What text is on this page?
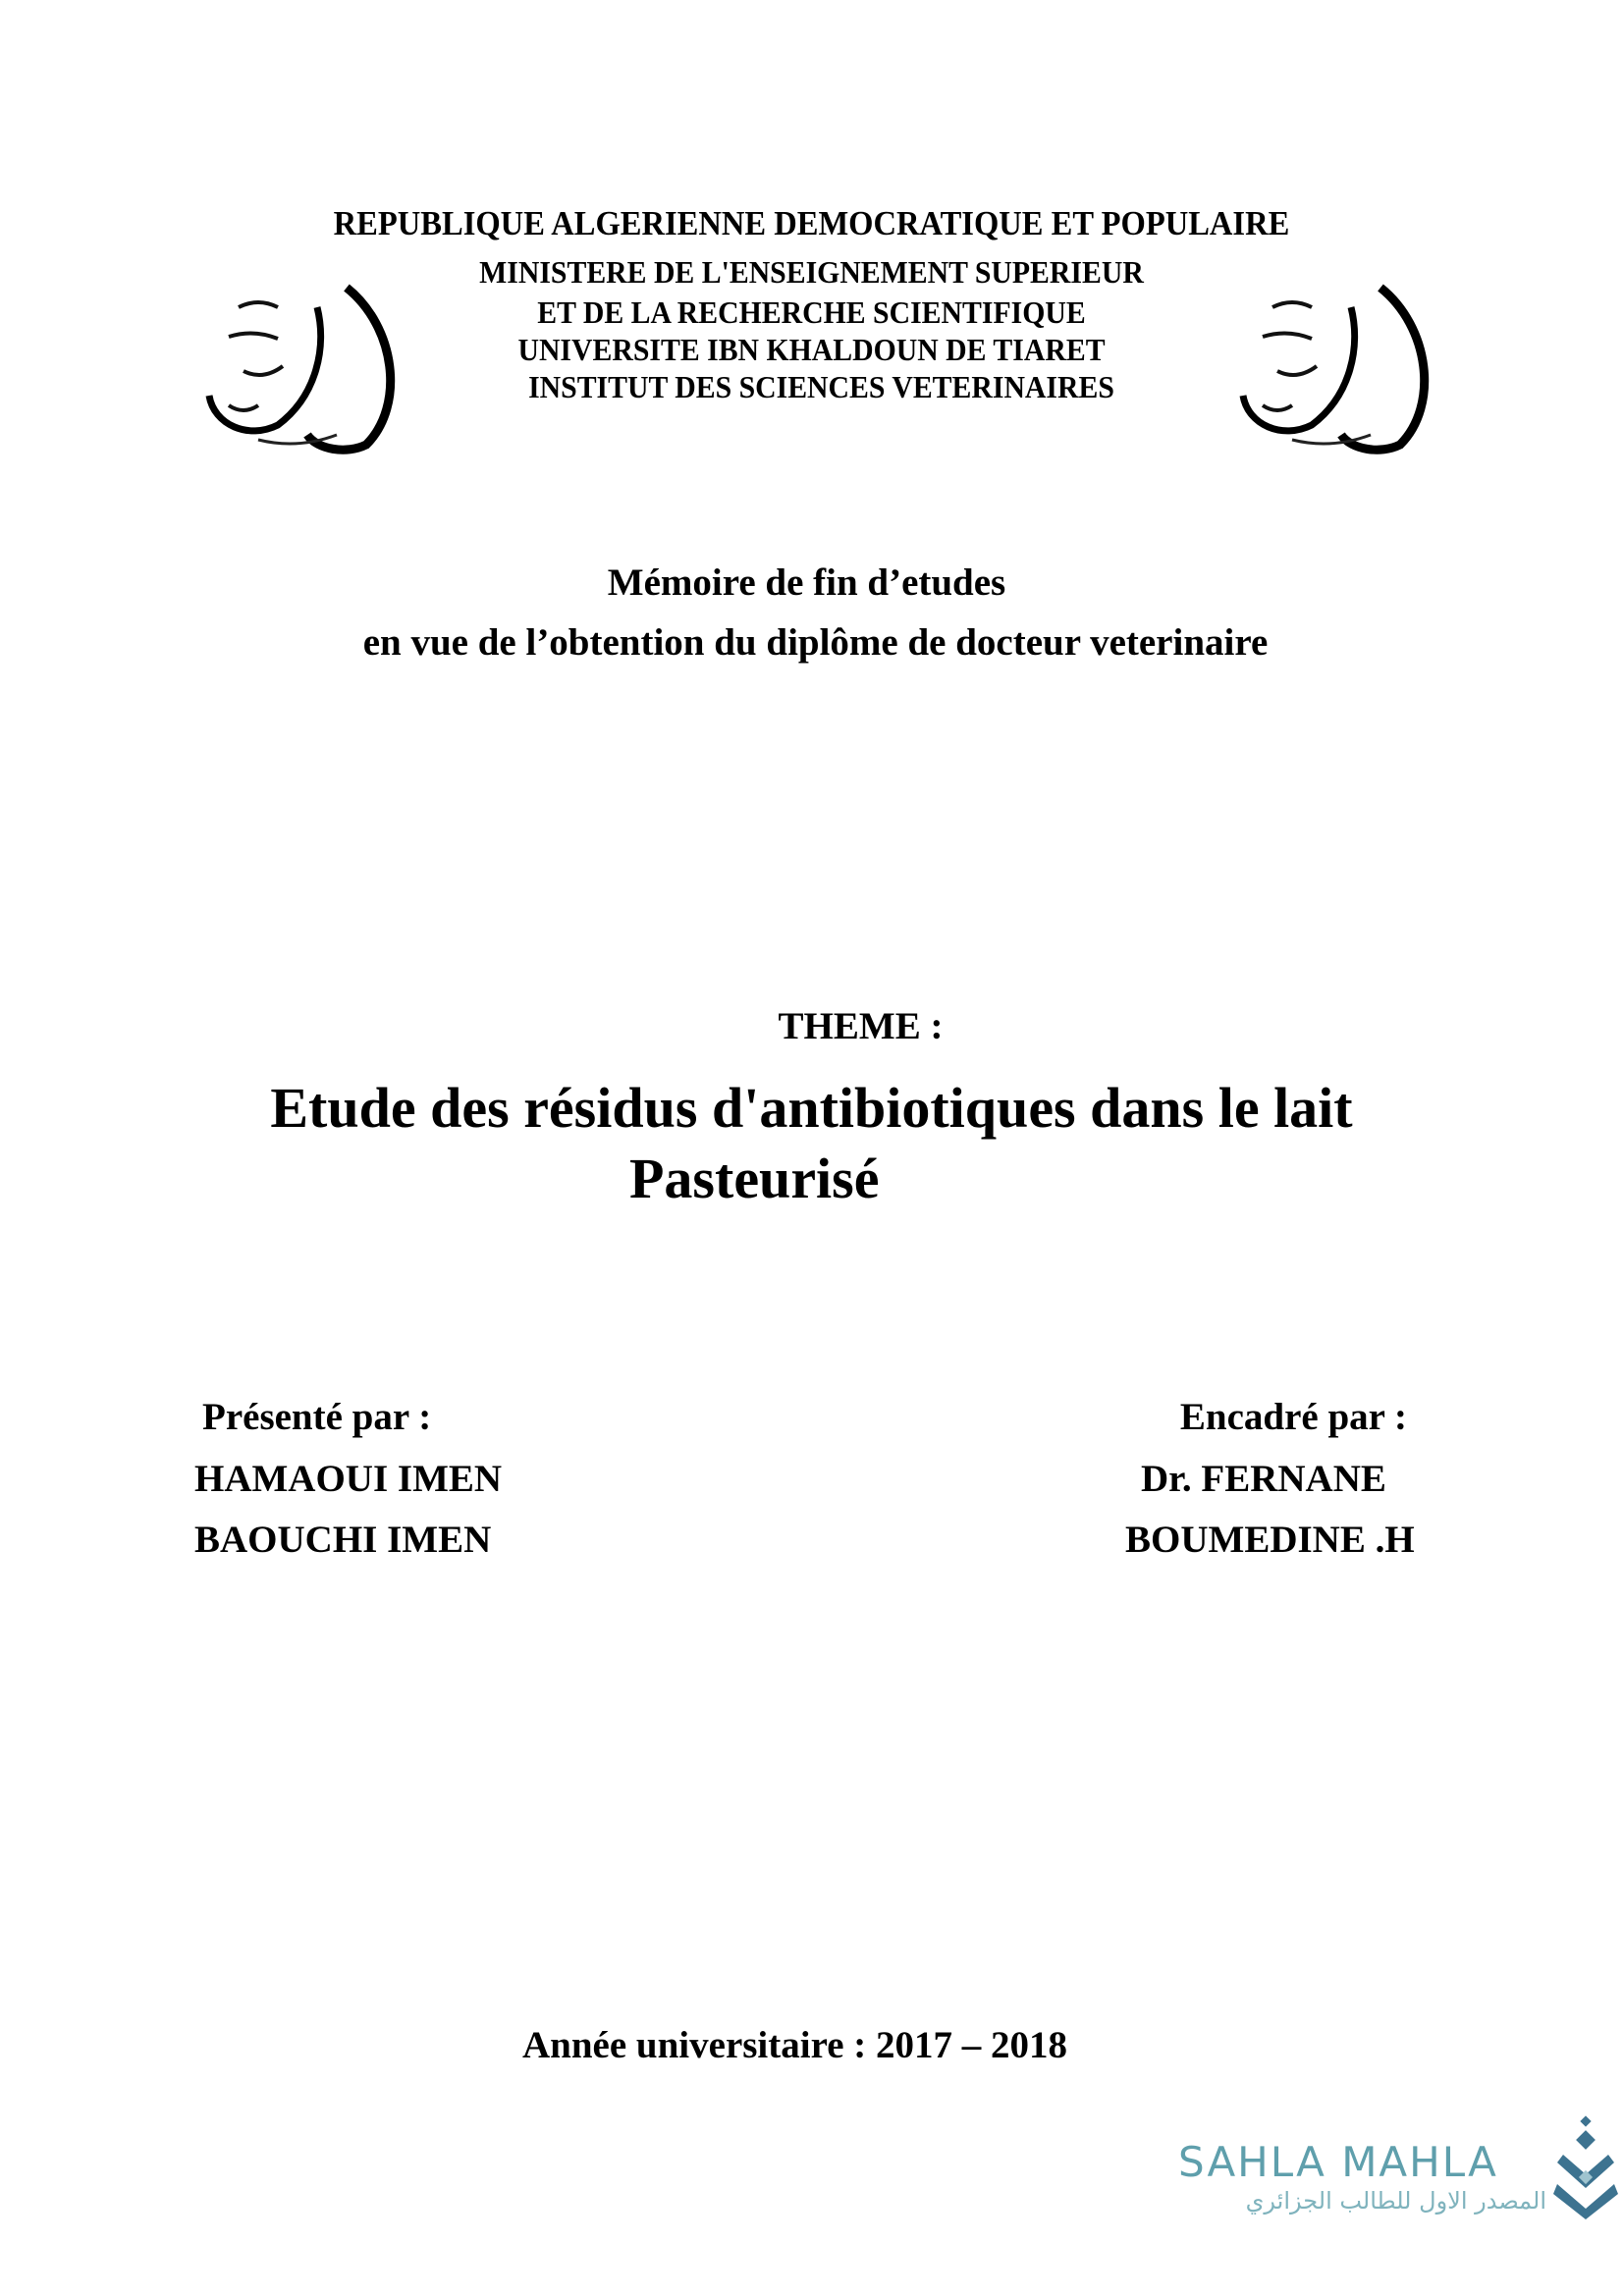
REPUBLIQUE ALGERIENNE DEMOCRATIQUE ET POPULAIRE
MINISTERE DE L'ENSEIGNEMENT SUPERIEUR
ET DE LA RECHERCHE SCIENTIFIQUE
UNIVERSITE IBN KHALDOUN DE TIARET
INSTITUT DES SCIENCES VETERINAIRES
Mémoire de fin d’etudes
en vue de l’obtention du diplôme de docteur veterinaire
THEME :
Etude des résidus d'antibiotiques dans le lait
Pasteurisé
Présenté par :
HAMAOUI IMEN
BAOUCHI IMEN
Encadré par :
Dr. FERNANE
BOUMEDINE .H
Année universitaire : 2017 – 2018
SAHLA MAHLA
المصدر الاول للطالب الجزائري
